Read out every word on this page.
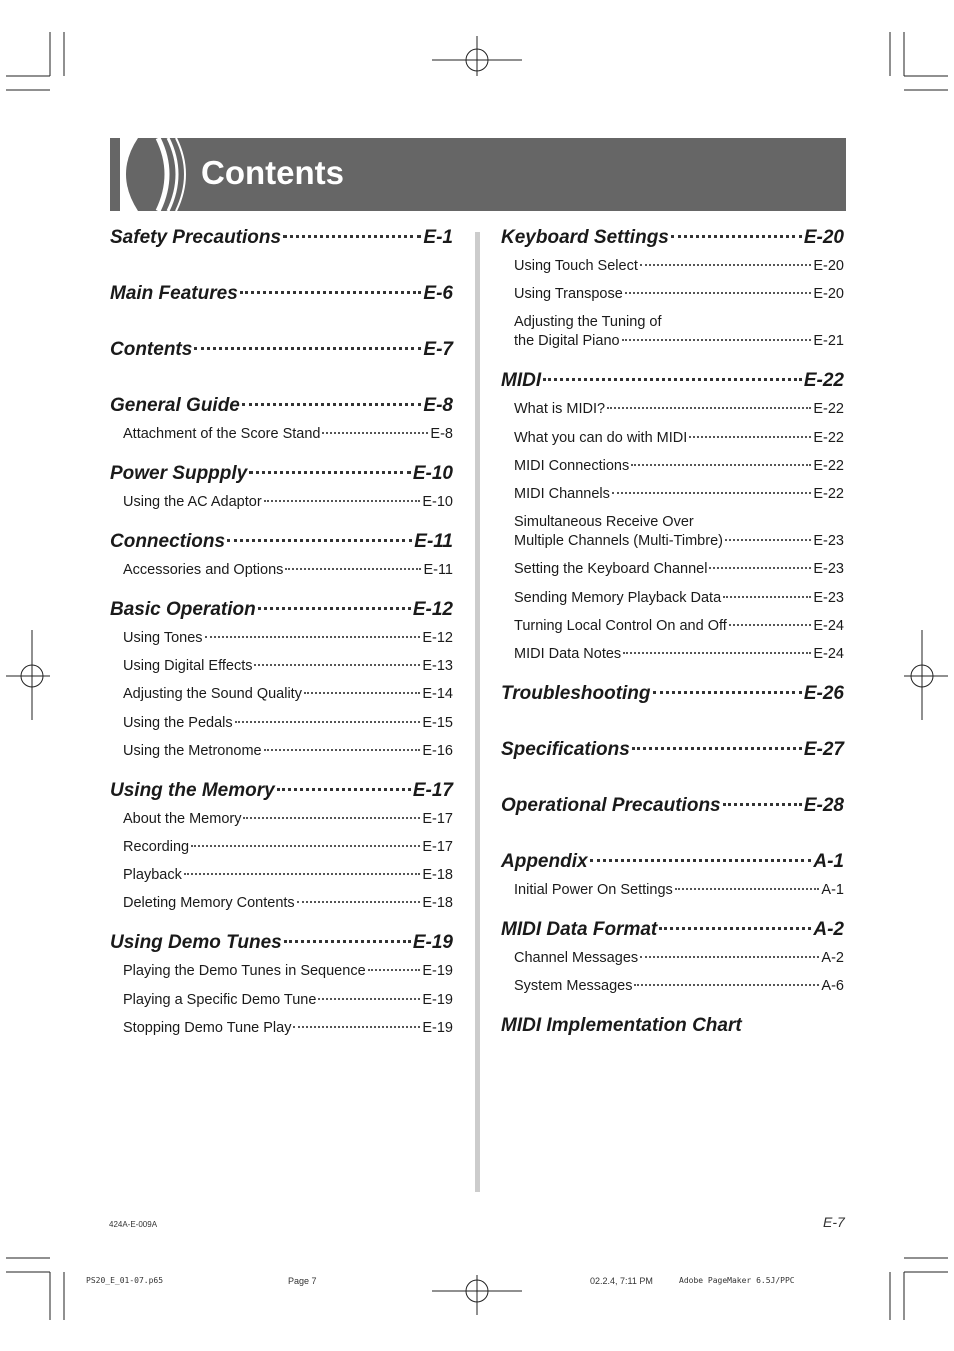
Contents
Safety Precautions	E-1
Main Features	E-6
Contents	E-7
General Guide	E-8
Attachment of the Score Stand	E-8
Power Suppply	E-10
Using the AC Adaptor	E-10
Connections	E-11
Accessories and Options	E-11
Basic Operation	E-12
Using Tones	E-12
Using Digital Effects	E-13
Adjusting the Sound Quality	E-14
Using the Pedals	E-15
Using the Metronome	E-16
Using the Memory	E-17
About the Memory	E-17
Recording	E-17
Playback	E-18
Deleting Memory Contents	E-18
Using Demo Tunes	E-19
Playing the Demo Tunes in Sequence	E-19
Playing a Specific Demo Tune	E-19
Stopping Demo Tune Play	E-19
Keyboard Settings	E-20
Using Touch Select	E-20
Using Transpose	E-20
Adjusting the Tuning of
the Digital Piano	E-21
MIDI	E-22
What is MIDI?	E-22
What you can do with MIDI	E-22
MIDI Connections	E-22
MIDI Channels	E-22
Simultaneous Receive Over
Multiple Channels (Multi-Timbre)	E-23
Setting the Keyboard Channel	E-23
Sending Memory Playback Data	E-23
Turning Local Control On and Off	E-24
MIDI Data Notes	E-24
Troubleshooting	E-26
Specifications	E-27
Operational Precautions	E-28
Appendix	A-1
Initial Power On Settings	A-1
MIDI Data Format	A-2
Channel Messages	A-2
System Messages	A-6
MIDI Implementation Chart
424A-E-009A	E-7
PS20_E_01-07.p65	Page 7	02.2.4, 7:11 PM	Adobe PageMaker 6.5J/PPC
